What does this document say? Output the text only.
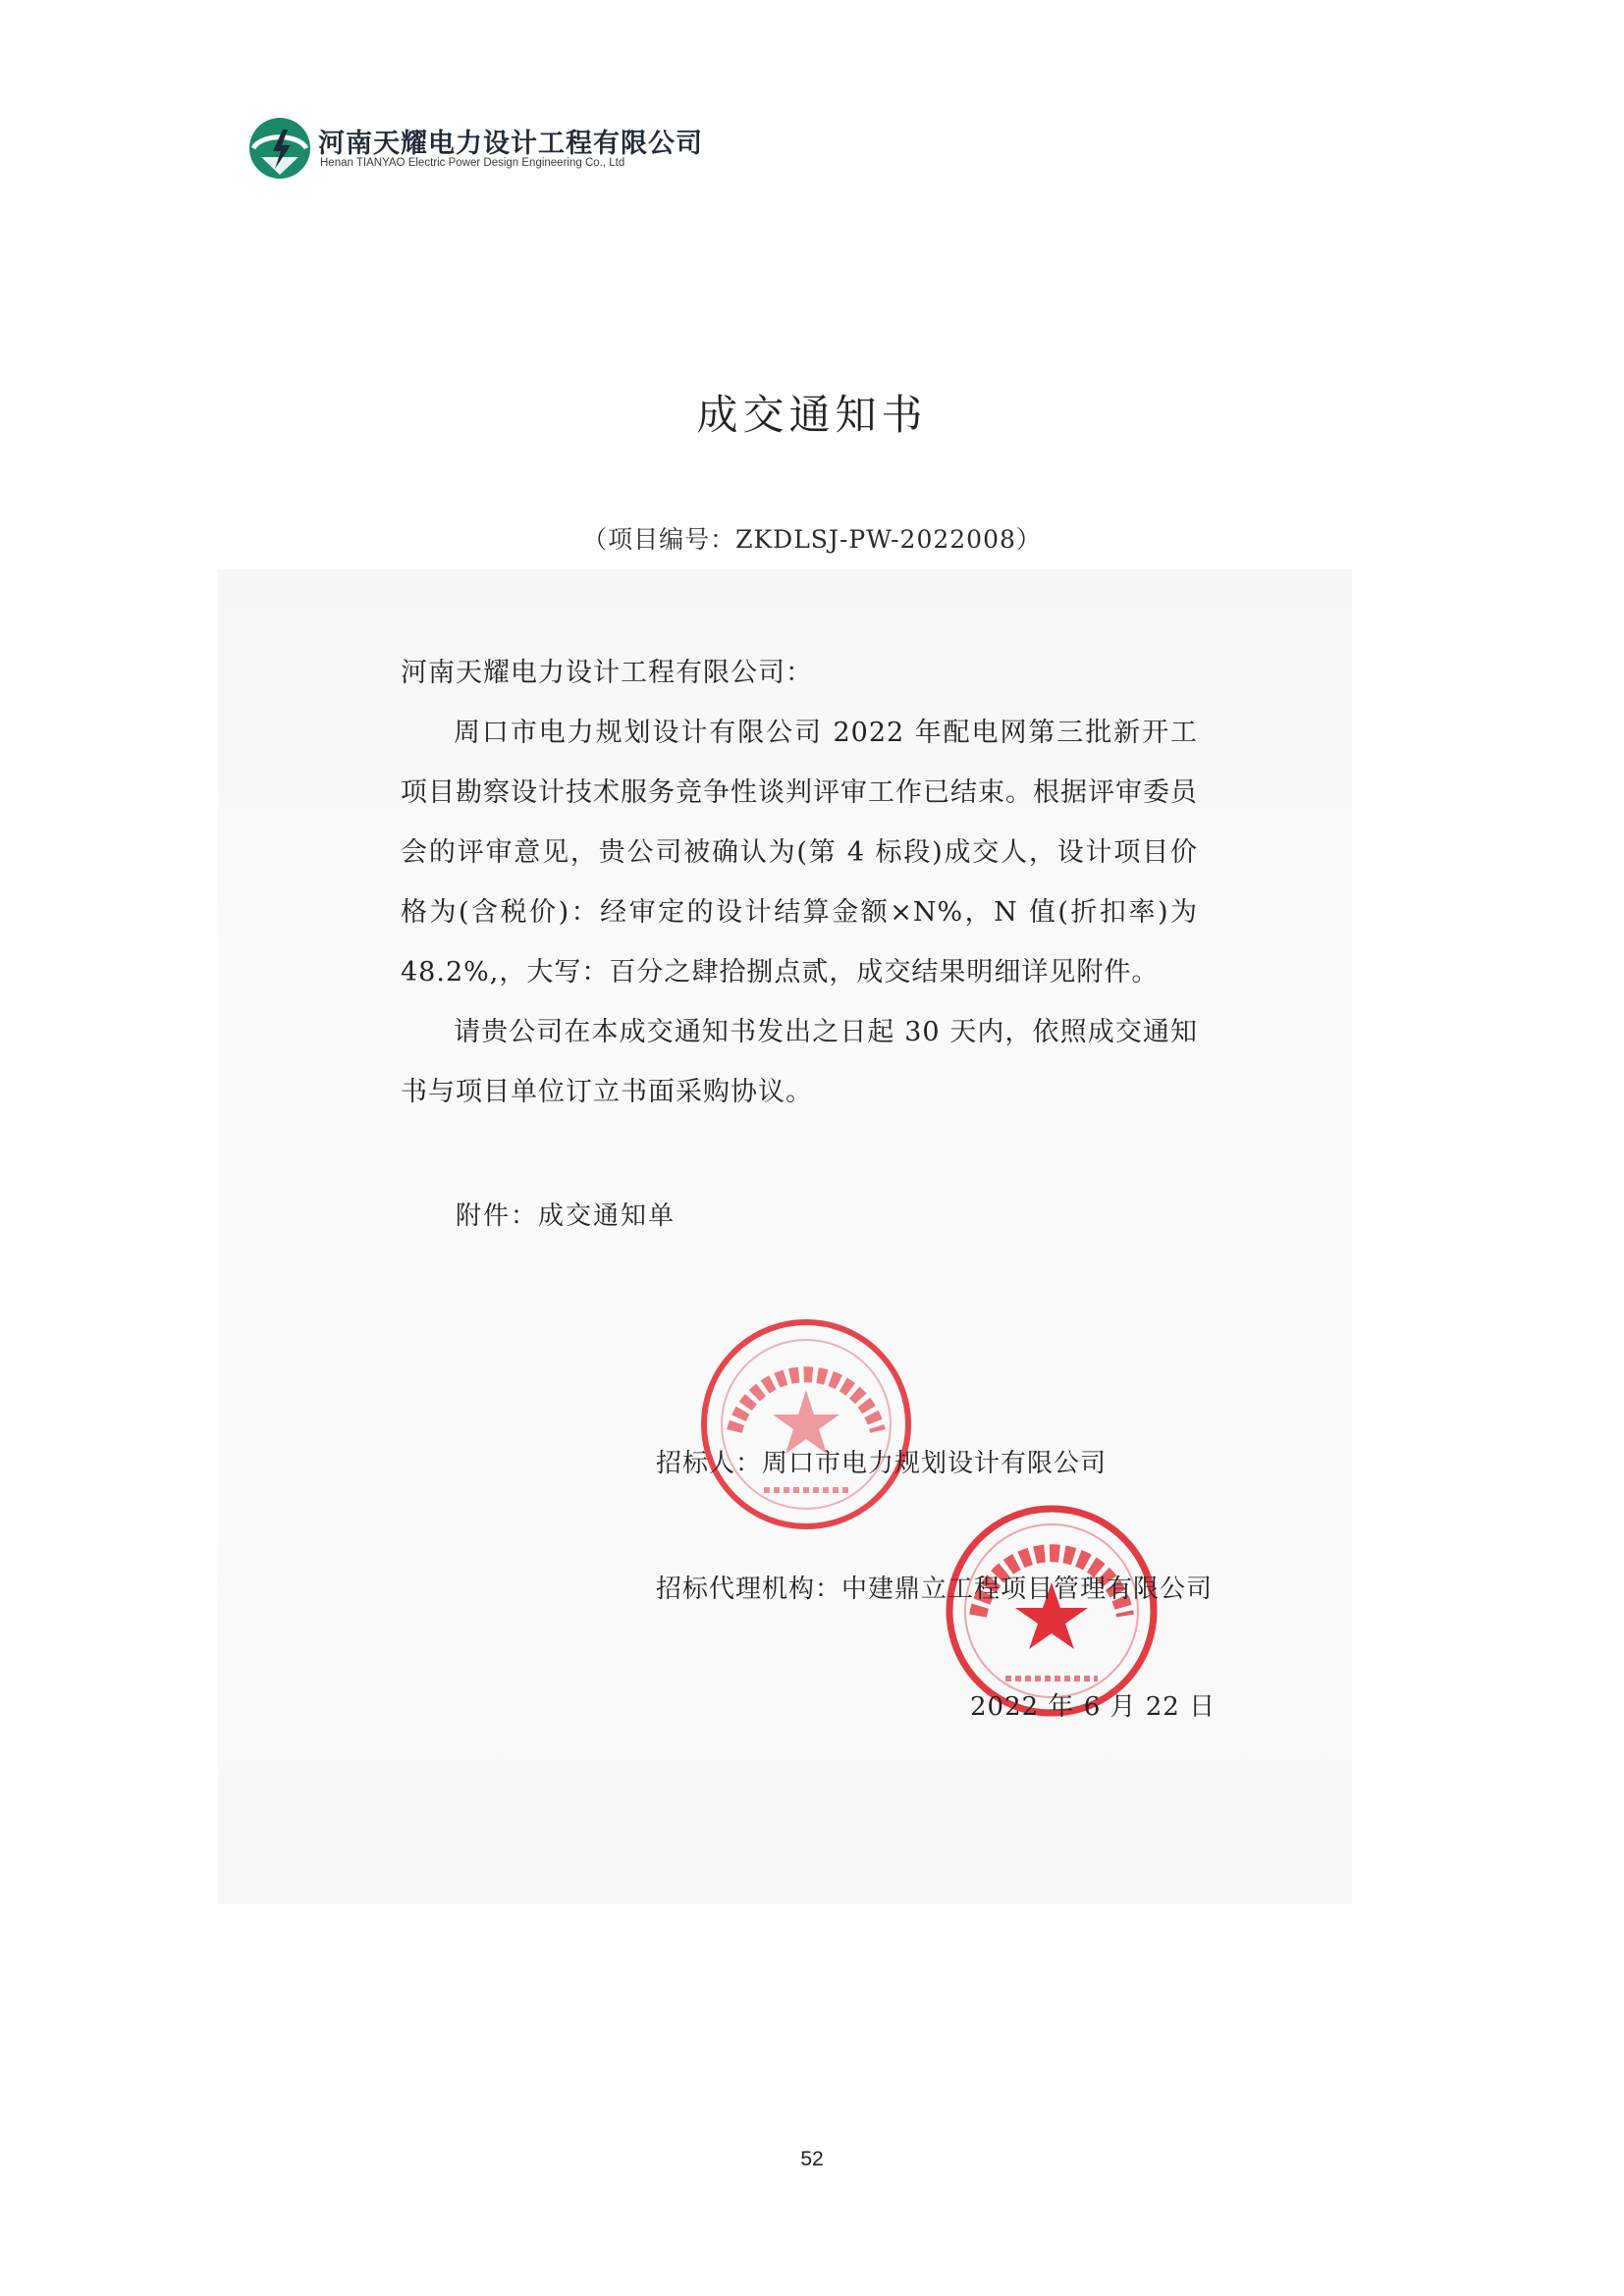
河南天耀电力设计工程有限公司
Henan TIANYAO Electric Power Design Engineering Co., Ltd
成交通知书
（项目编号：ZKDLSJ-PW-2022008）

河南天耀电力设计工程有限公司：

周口市电力规划设计有限公司 2022 年配电网第三批新开工项目勘察设计技术服务竞争性谈判评审工作已结束。根据评审委员会的评审意见，贵公司被确认为(第 4 标段)成交人，设计项目价格为(含税价)：经审定的设计结算金额×N%，N 值(折扣率)为 48.2%,，大写：百分之肆拾捌点贰，成交结果明细详见附件。

请贵公司在本成交通知书发出之日起 30 天内，依照成交通知书与项目单位订立书面采购协议。

附件：成交通知单
招标人：周口市电力规划设计有限公司
招标代理机构：中建鼎立工程项目管理有限公司
2022 年 6 月 22 日
52
